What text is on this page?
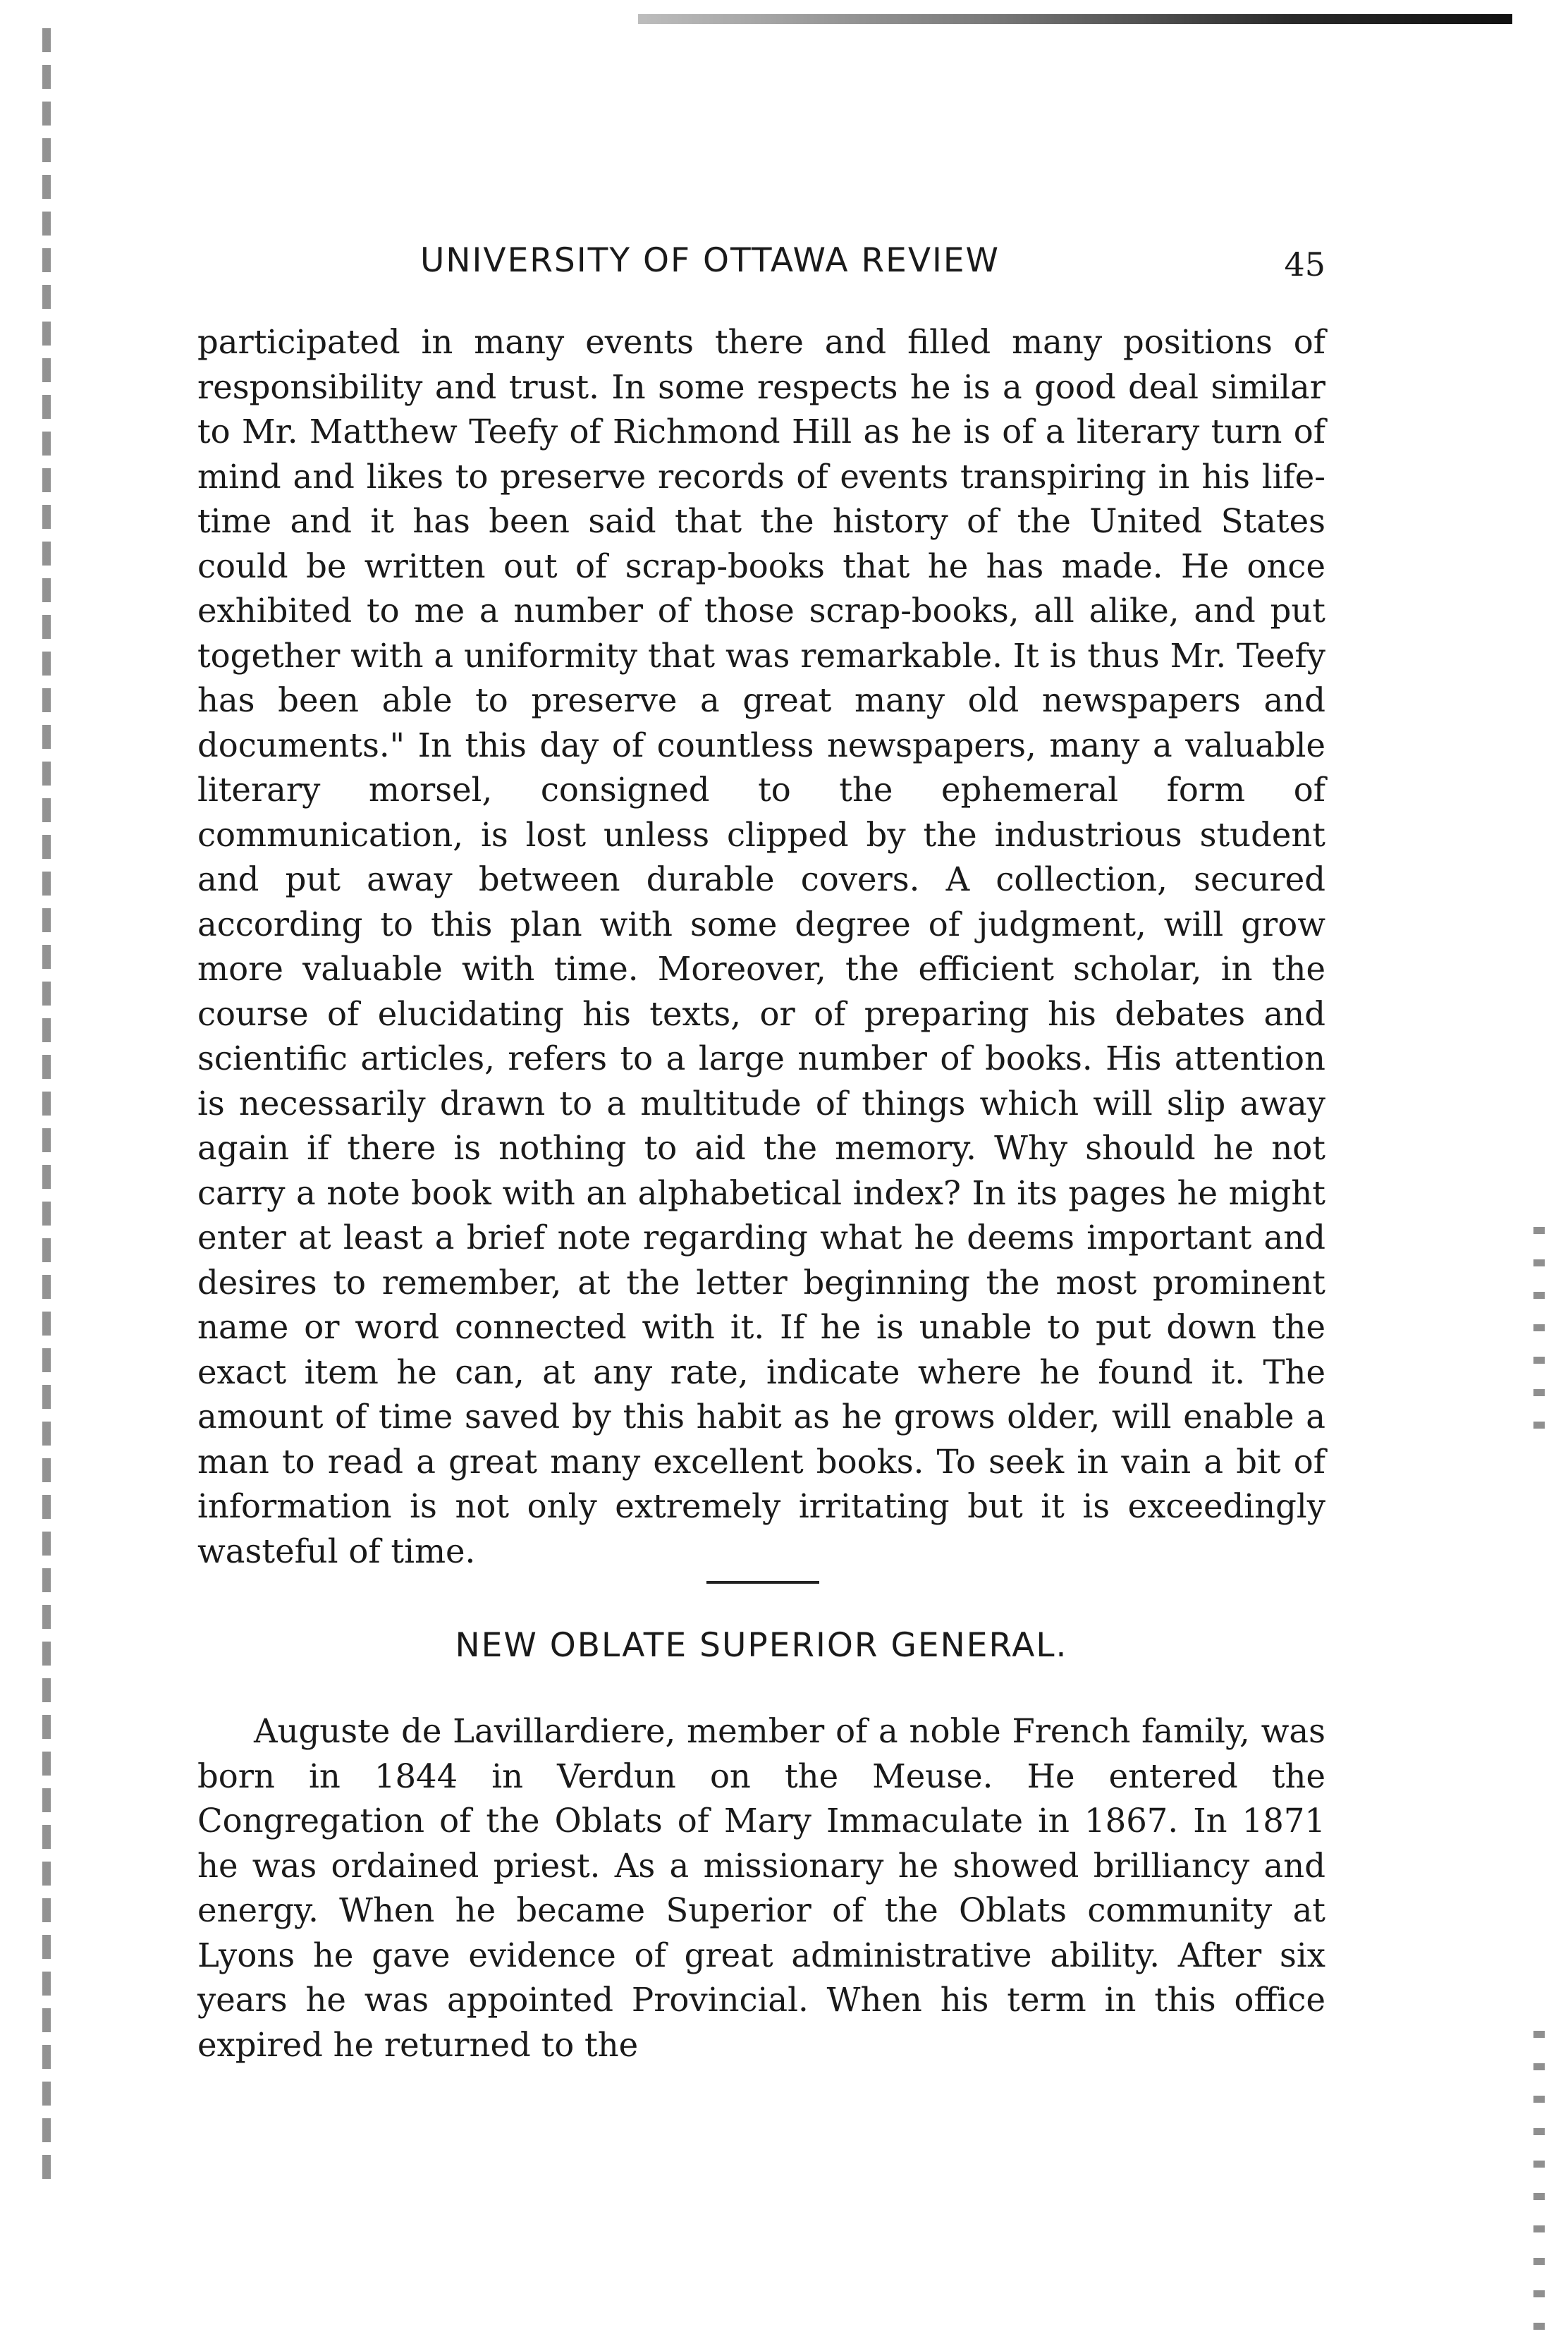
UNIVERSITY OF OTTAWA REVIEW	45

participated in many events there and filled many positions of responsibility and trust. In some respects he is a good deal similar to Mr. Matthew Teefy of Richmond Hill as he is of a literary turn of mind and likes to preserve records of events transpiring in his life-time and it has been said that the history of the United States could be written out of scrap-books that he has made. He once exhibited to me a number of those scrap-books, all alike, and put together with a uniformity that was remarkable. It is thus Mr. Teefy has been able to preserve a great many old newspapers and documents." In this day of countless newspapers, many a valuable literary morsel, consigned to the ephemeral form of communication, is lost unless clipped by the industrious student and put away between durable covers. A collection, secured according to this plan with some degree of judgment, will grow more valuable with time. Moreover, the efficient scholar, in the course of elucidating his texts, or of preparing his debates and scientific articles, refers to a large number of books. His attention is necessarily drawn to a multitude of things which will slip away again if there is nothing to aid the memory. Why should he not carry a note book with an alphabetical index? In its pages he might enter at least a brief note regarding what he deems important and desires to remember, at the letter beginning the most prominent name or word connected with it. If he is unable to put down the exact item he can, at any rate, indicate where he found it. The amount of time saved by this habit as he grows older, will enable a man to read a great many excellent books. To seek in vain a bit of information is not only extremely irritating but it is exceedingly wasteful of time.

NEW OBLATE SUPERIOR GENERAL.

Auguste de Lavillardiere, member of a noble French family, was born in 1844 in Verdun on the Meuse. He entered the Congregation of the Oblats of Mary Immaculate in 1867. In 1871 he was ordained priest. As a missionary he showed brilliancy and energy. When he became Superior of the Oblats community at Lyons he gave evidence of great administrative ability. After six years he was appointed Provincial. When his term in this office expired he returned to the
